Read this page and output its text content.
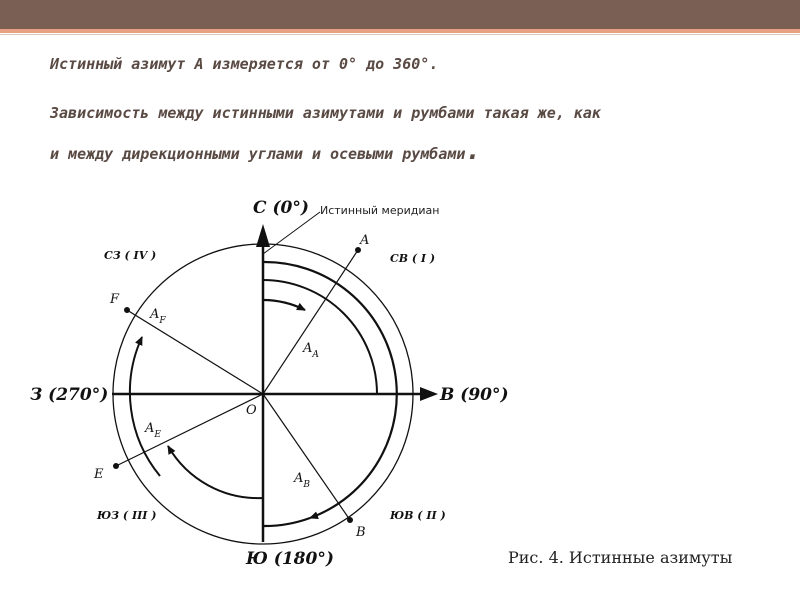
Истинный азимут А измеряется от 0° до 360°.

Зависимость между истинными азимутами и румбами такая же, как

и между дирекционными углами и осевыми румбами.

С (0°)
Ю (180°)
В (90°)
З (270°)
Истинный меридиан
СВ ( I )
СЗ ( IV )
ЮЗ ( III )	ЮВ ( II )
O
A
B
E
F
$A_A$
$A_B$
$A_E$
$A_F$

Рис. 4. Истинные азимуты
